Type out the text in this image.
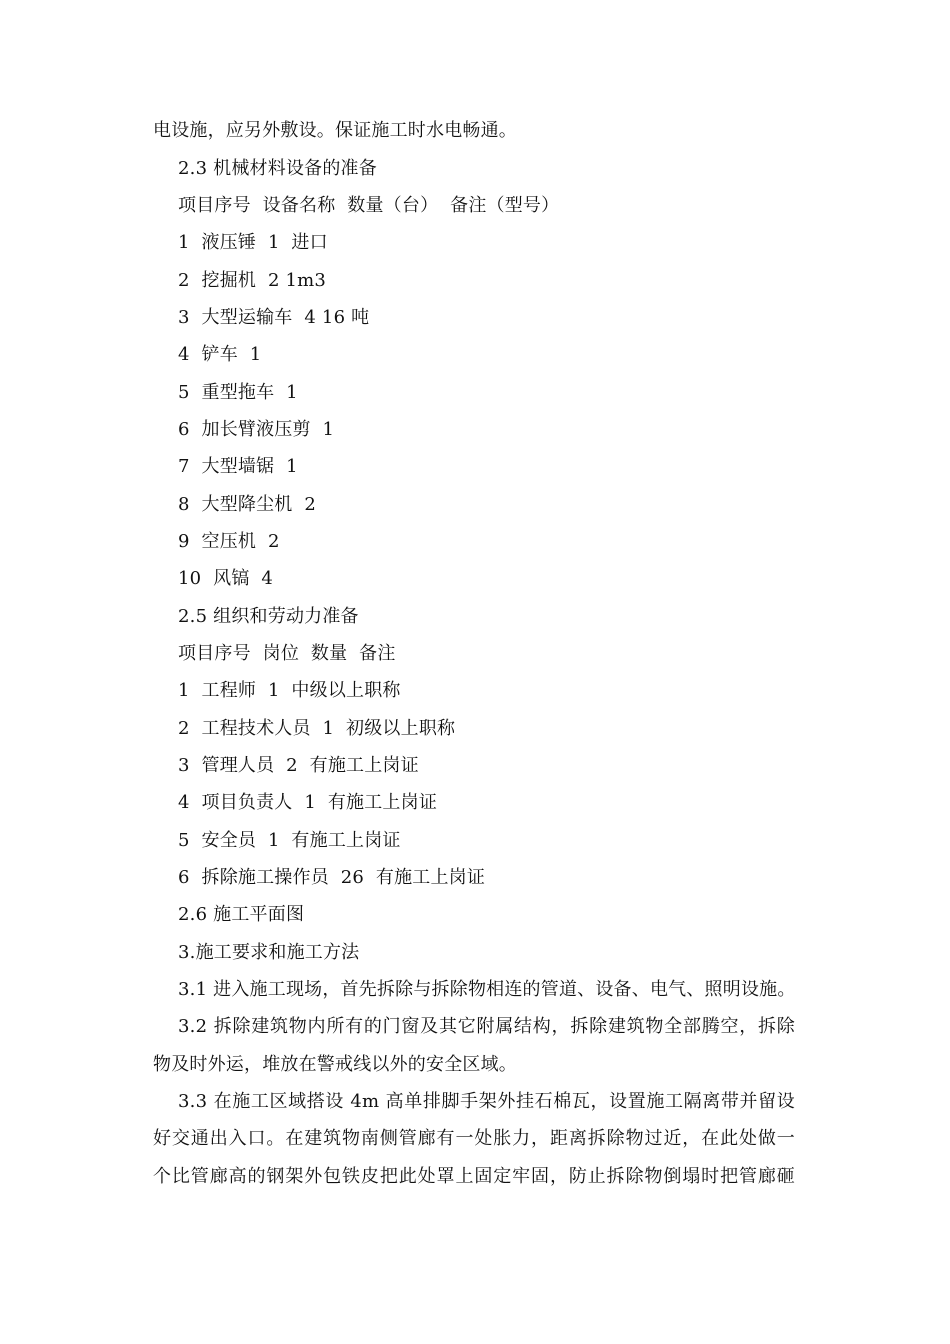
电设施，应另外敷设。保证施工时水电畅通。
2.3 机械材料设备的准备
项目序号  设备名称  数量（台）  备注（型号）
1  液压锤  1  进口
2  挖掘机  2 1m3
3  大型运输车  4 16 吨
4  铲车  1
5  重型拖车  1
6  加长臂液压剪  1
7  大型墙锯  1
8  大型降尘机  2
9  空压机  2
10  风镐  4
2.5 组织和劳动力准备
项目序号  岗位  数量  备注
1  工程师  1  中级以上职称
2  工程技术人员  1  初级以上职称
3  管理人员  2  有施工上岗证
4  项目负责人  1  有施工上岗证
5  安全员  1  有施工上岗证
6  拆除施工操作员  26  有施工上岗证
2.6 施工平面图
3.施工要求和施工方法
3.1 进入施工现场，首先拆除与拆除物相连的管道、设备、电气、照明设施。
3.2 拆除建筑物内所有的门窗及其它附属结构，拆除建筑物全部腾空，拆除
物及时外运，堆放在警戒线以外的安全区域。
3.3 在施工区域搭设 4m 高单排脚手架外挂石棉瓦，设置施工隔离带并留设
好交通出入口。在建筑物南侧管廊有一处胀力，距离拆除物过近，在此处做一
个比管廊高的钢架外包铁皮把此处罩上固定牢固，防止拆除物倒塌时把管廊砸
